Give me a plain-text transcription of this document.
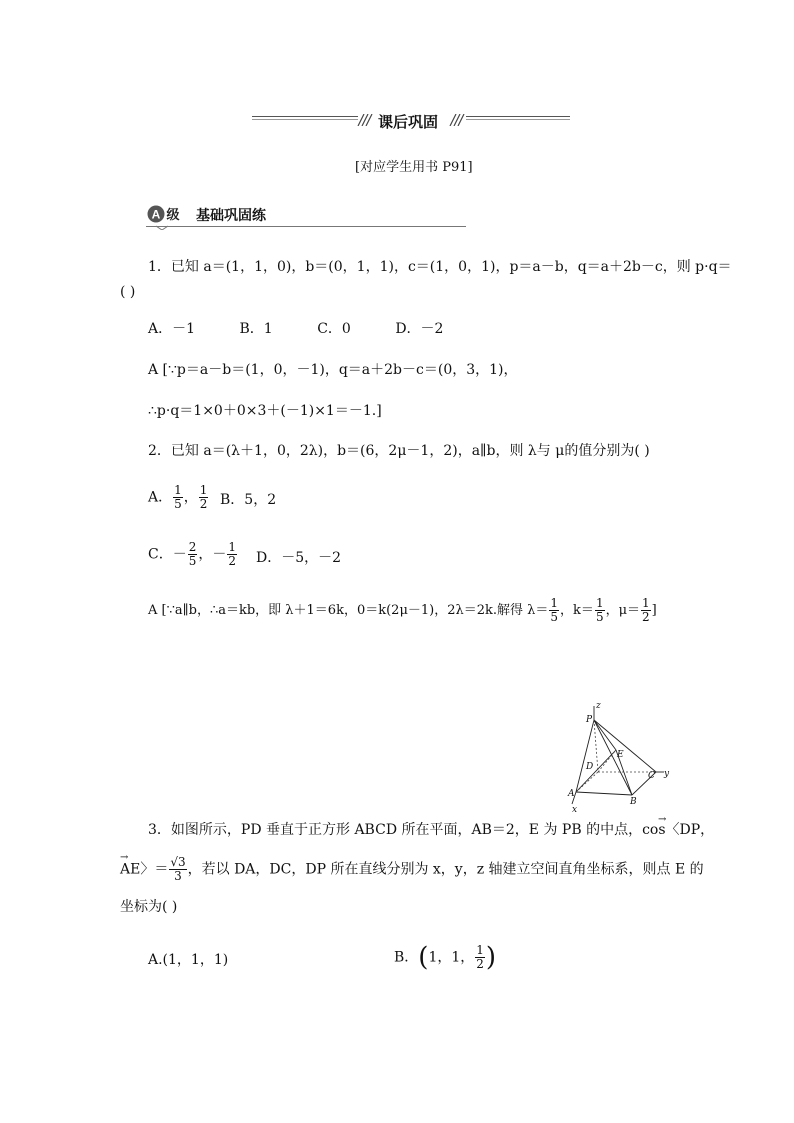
课后巩固
[对应学生用书 P91]
A 级 基础巩固练
1．已知 a＝(1，1，0)，b＝(0，1，1)，c＝(1，0，1)，p＝a－b，q＝a＋2b－c，则 p·q＝
( )
A．－1          B．1          C．0          D．－2
A [∵p＝a－b＝(1，0，－1)，q＝a＋2b－c＝(0，3，1)，
∴p·q＝1×0＋0×3＋(－1)×1＝－1.]
2．已知 a＝(λ＋1，0，2λ)，b＝(6，2μ－1，2)，a∥b，则 λ与 μ的值分别为( )
A． $\frac{1}{5}$ ， $\frac{1}{2}$ B．5，2
C．－ $\frac{2}{5}$ ，－ $\frac{1}{2}$ D．－5，－2
A [∵a∥b，∴a＝kb，即 λ＋1＝6k，0＝k(2μ－1)，2λ＝2k.解得 $\lambda= \frac{1}{5}$ ，$k= \frac{1}{5}$ ，$\mu= \frac{1}{2}$ ]
z
P
E
D
C y
A
B
x
3．如图所示，PD 垂直于正方形 ABCD 所在平面，AB＝2，E 为 PB 的中点，cos〈DP，
→
AE〉＝ $\frac{√3}{3}$ ，若以 DA，DC，DP 所在直线分别为 x，y，z 轴建立空间直角坐标系，则点 E 的
→
坐标为( )
A.(1，1，1)	B．(1，1， $\frac{1}{2}$ )
